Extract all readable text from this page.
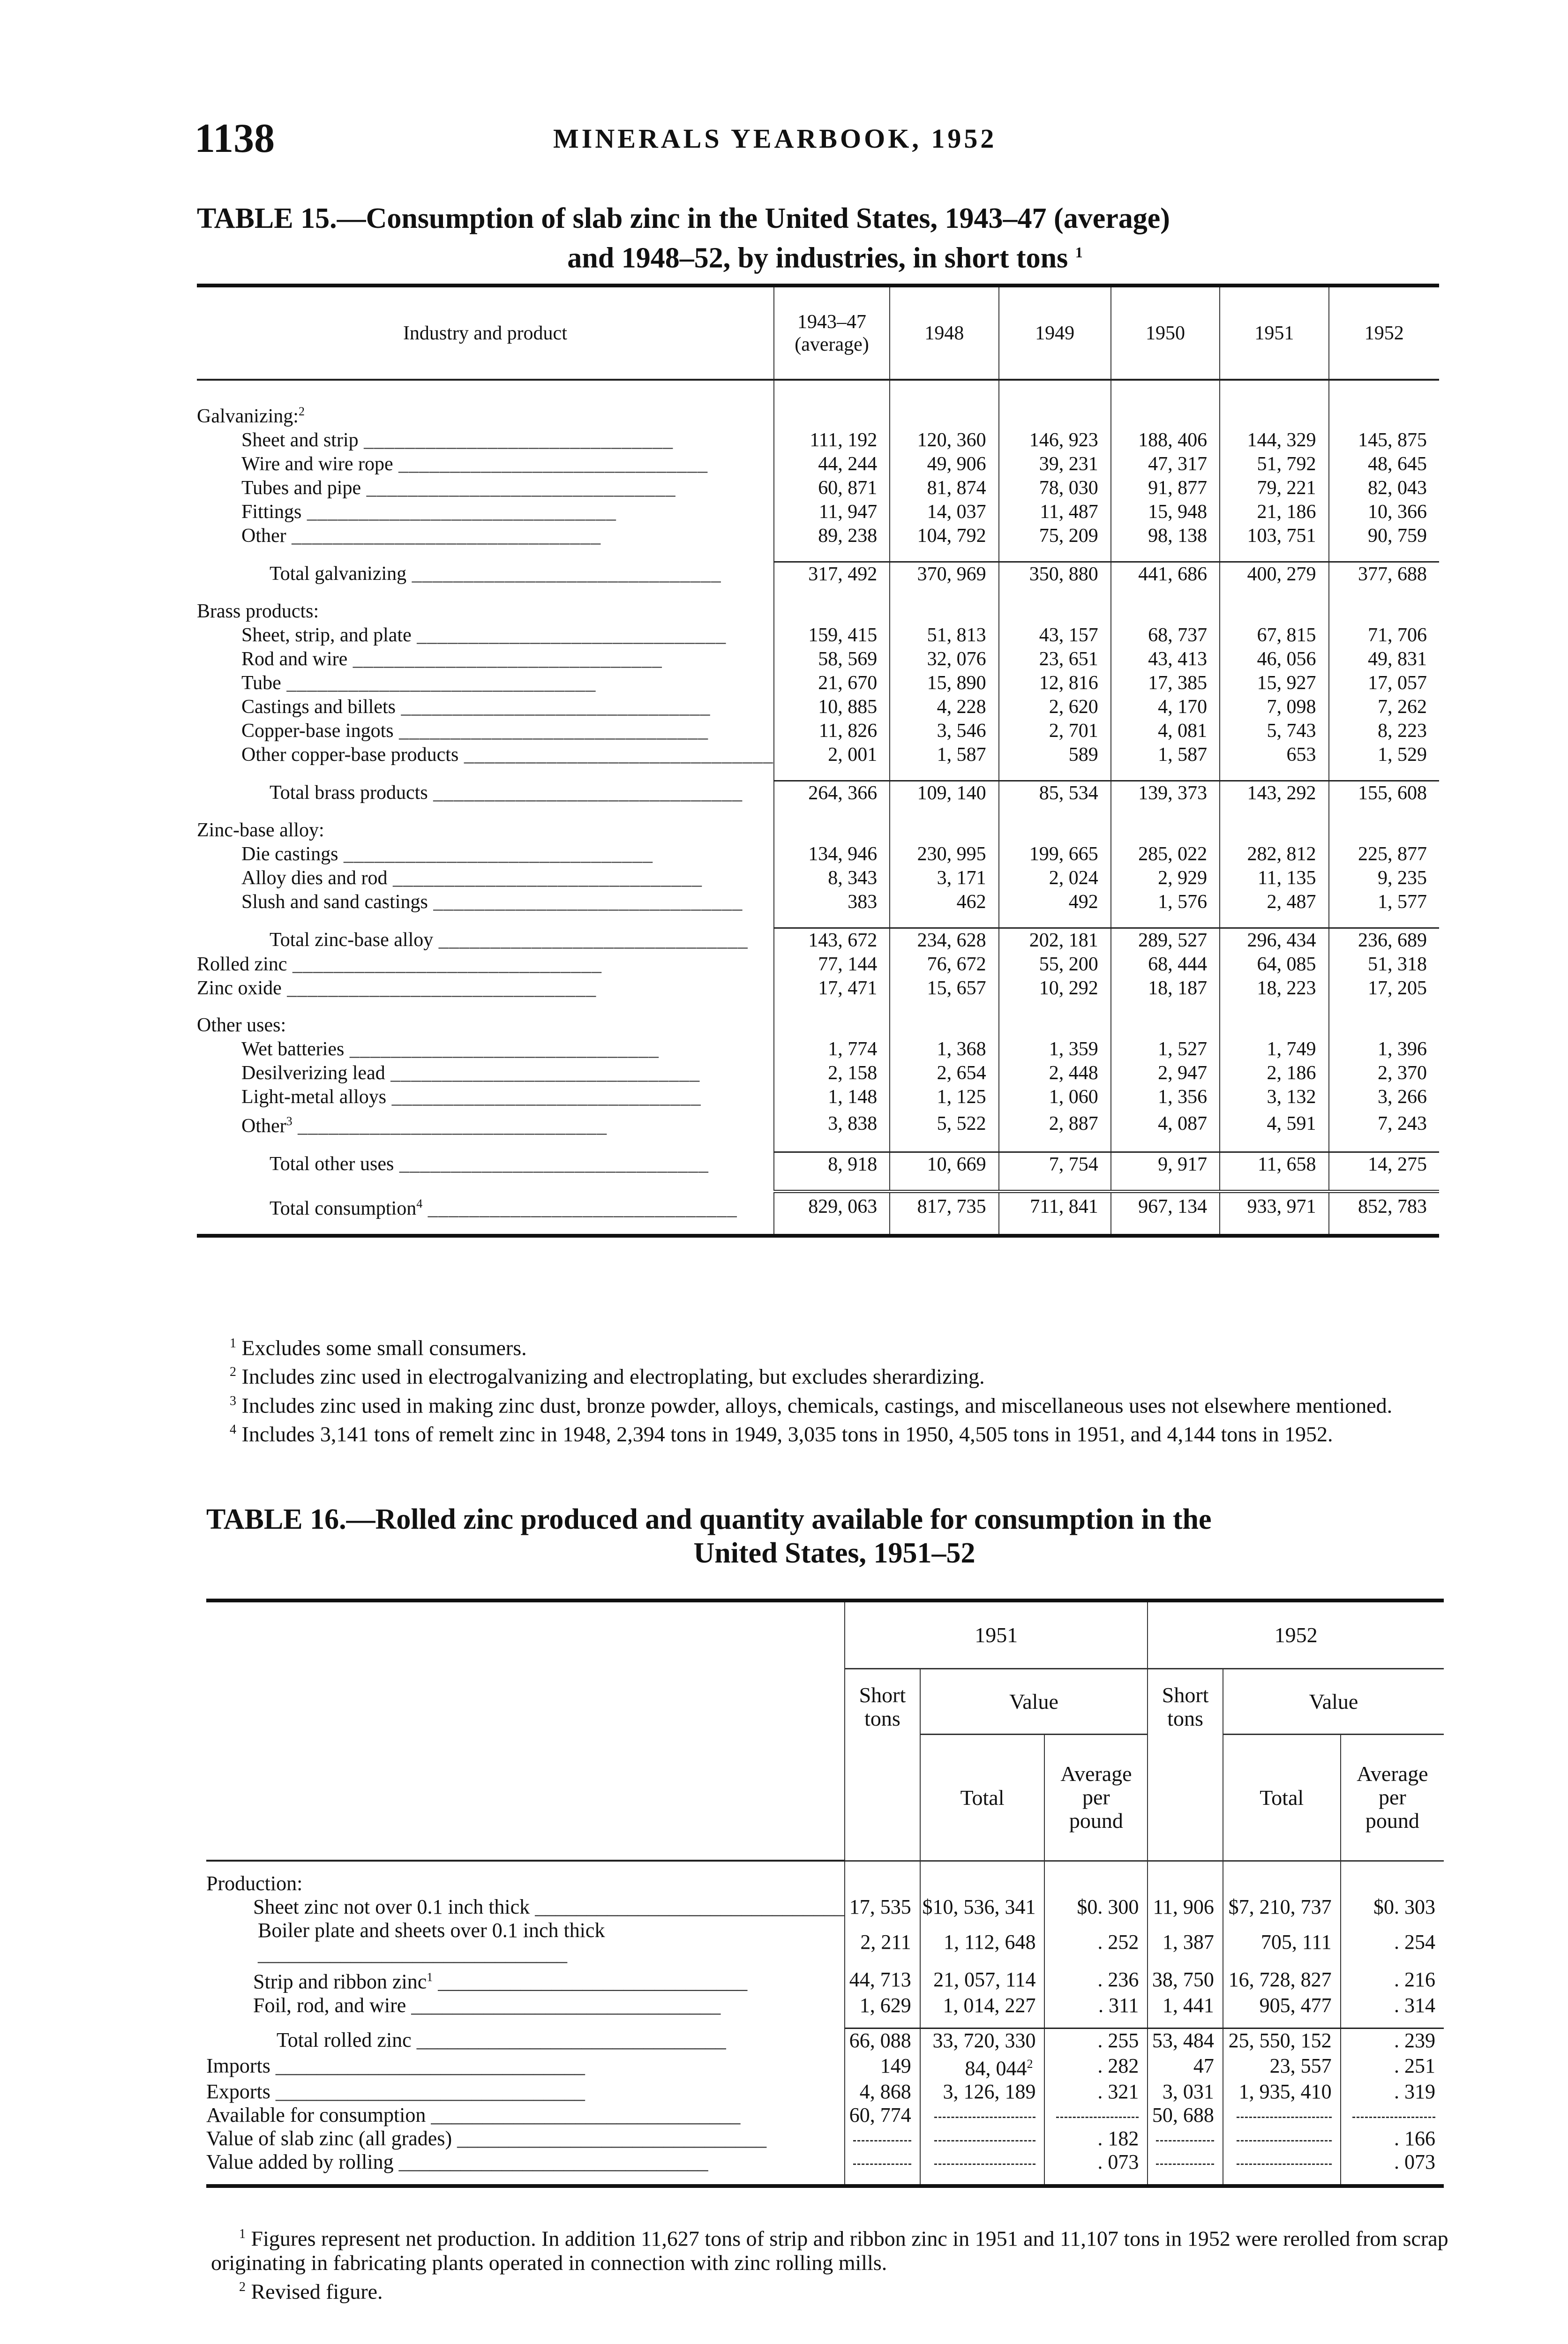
1138	MINERALS YEARBOOK, 1952
TABLE 15.—Consumption of slab zinc in the United States, 1943–47 (average)
and 1948–52, by industries, in short tons $^1$
Industry and product	1943–47 (average)	1948	1949	1950	1951	1952

Galvanizing:$^2$						
Sheet and strip ______________________________	111, 192	120, 360	146, 923	188, 406	144, 329	145, 875
Wire and wire rope ______________________________	44, 244	49, 906	39, 231	47, 317	51, 792	48, 645
Tubes and pipe ______________________________	60, 871	81, 874	78, 030	91, 877	79, 221	82, 043
Fittings ______________________________	11, 947	14, 037	11, 487	15, 948	21, 186	10, 366
Other ______________________________	89, 238	104, 792	75, 209	98, 138	103, 751	90, 759

Total galvanizing ______________________________	317, 492	370, 969	350, 880	441, 686	400, 279	377, 688

Brass products:						
Sheet, strip, and plate ______________________________	159, 415	51, 813	43, 157	68, 737	67, 815	71, 706
Rod and wire ______________________________	58, 569	32, 076	23, 651	43, 413	46, 056	49, 831
Tube ______________________________	21, 670	15, 890	12, 816	17, 385	15, 927	17, 057
Castings and billets ______________________________	10, 885	4, 228	2, 620	4, 170	7, 098	7, 262
Copper-base ingots ______________________________	11, 826	3, 546	2, 701	4, 081	5, 743	8, 223
Other copper-base products ______________________________	2, 001	1, 587	589	1, 587	653	1, 529

Total brass products ______________________________	264, 366	109, 140	85, 534	139, 373	143, 292	155, 608

Zinc-base alloy:						
Die castings ______________________________	134, 946	230, 995	199, 665	285, 022	282, 812	225, 877
Alloy dies and rod ______________________________	8, 343	3, 171	2, 024	2, 929	11, 135	9, 235
Slush and sand castings ______________________________	383	462	492	1, 576	2, 487	1, 577

Total zinc-base alloy ______________________________	143, 672	234, 628	202, 181	289, 527	296, 434	236, 689
Rolled zinc ______________________________	77, 144	76, 672	55, 200	68, 444	64, 085	51, 318
Zinc oxide ______________________________	17, 471	15, 657	10, 292	18, 187	18, 223	17, 205

Other uses:						
Wet batteries ______________________________	1, 774	1, 368	1, 359	1, 527	1, 749	1, 396
Desilverizing lead ______________________________	2, 158	2, 654	2, 448	2, 947	2, 186	2, 370
Light-metal alloys ______________________________	1, 148	1, 125	1, 060	1, 356	3, 132	3, 266
Other$^3$ ______________________________	3, 838	5, 522	2, 887	4, 087	4, 591	7, 243

Total other uses ______________________________	8, 918	10, 669	7, 754	9, 917	11, 658	14, 275

Total consumption$^4$ ______________________________	829, 063	817, 735	711, 841	967, 134	933, 971	852, 783

$^1$ Excludes some small consumers.
$^2$ Includes zinc used in electrogalvanizing and electroplating, but excludes sherardizing.
$^3$ Includes zinc used in making zinc dust, bronze powder, alloys, chemicals, castings, and miscellaneous uses not elsewhere mentioned.
$^4$ Includes 3,141 tons of remelt zinc in 1948, 2,394 tons in 1949, 3,035 tons in 1950, 4,505 tons in 1951, and 4,144 tons in 1952.
TABLE 16.—Rolled zinc produced and quantity available for consumption in the
United States, 1951–52
	1951			1952		
	Short tons	Value		Short tons	Value	
		Total	Average per pound		Total	Average per pound

Production:						
Sheet zinc not over 0.1 inch thick ______________________________	17, 535	$10, 536, 341	$0. 300	11, 906	$7, 210, 737	$0. 303
Boiler plate and sheets over 0.1 inch thick ______________________________	2, 211	1, 112, 648	. 252	1, 387	705, 111	. 254
Strip and ribbon zinc$^1$ ______________________________	44, 713	21, 057, 114	. 236	38, 750	16, 728, 827	. 216
Foil, rod, and wire ______________________________	1, 629	1, 014, 227	. 311	1, 441	905, 477	. 314

Total rolled zinc ______________________________	66, 088	33, 720, 330	. 255	53, 484	25, 550, 152	. 239
Imports ______________________________	149	84, $044^2$	. 282	47	23, 557	. 251
Exports ______________________________	4, 868	3, 126, 189	. 321	3, 031	1, 935, 410	. 319
Available for consumption ______________________________	60, 774			50, 688		
Value of slab zinc (all grades) ______________________________			. 182			. 166
Value added by rolling ______________________________			. 073			. 073

$^1$ Figures represent net production. In addition 11,627 tons of strip and ribbon zinc in 1951 and 11,107 tons in 1952 were rerolled from scrap originating in fabricating plants operated in connection with zinc rolling mills.
$^2$ Revised figure.
